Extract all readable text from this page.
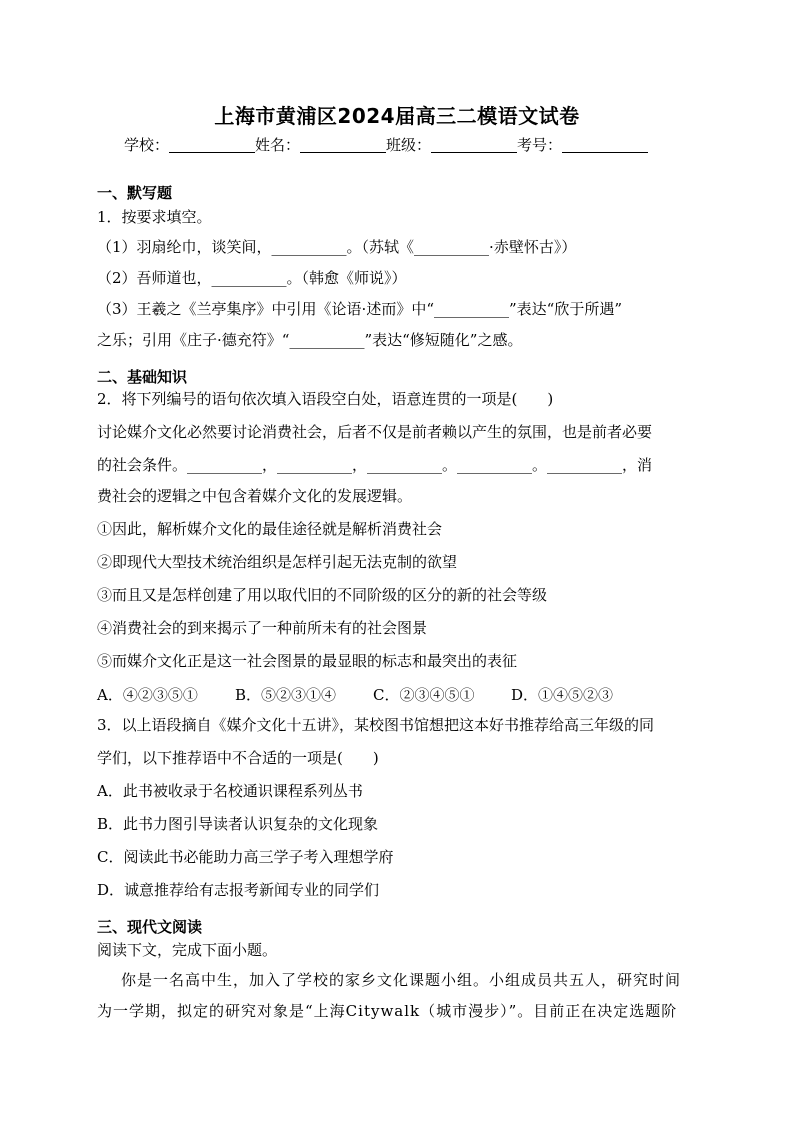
上海市黄浦区2024届高三二模语文试卷
学校：	姓名：	班级：	考号：
一、默写题
1．按要求填空。
（1）羽扇纶巾，谈笑间，__________。（苏轼《__________·赤壁怀古》）
（2）吾师道也，__________。（韩愈《师说》）
（3）王羲之《兰亭集序》中引用《论语·述而》中“__________”表达“欣于所遇”
之乐；引用《庄子·德充符》“__________”表达“修短随化”之感。
二、基础知识
2．将下列编号的语句依次填入语段空白处，语意连贯的一项是(　　)
讨论媒介文化必然要讨论消费社会，后者不仅是前者赖以产生的氛围，也是前者必要
的社会条件。__________，__________，__________。__________。__________，消
费社会的逻辑之中包含着媒介文化的发展逻辑。
①因此，解析媒介文化的最佳途径就是解析消费社会
②即现代大型技术统治组织是怎样引起无法克制的欲望
③而且又是怎样创建了用以取代旧的不同阶级的区分的新的社会等级
④消费社会的到来揭示了一种前所未有的社会图景
⑤而媒介文化正是这一社会图景的最显眼的标志和最突出的表征
A．④②③⑤① B．⑤②③①④ C．②③④⑤① D．①④⑤②③
3．以上语段摘自《媒介文化十五讲》，某校图书馆想把这本好书推荐给高三年级的同
学们，以下推荐语中不合适的一项是(　　)
A．此书被收录于名校通识课程系列丛书
B．此书力图引导读者认识复杂的文化现象
C．阅读此书必能助力高三学子考入理想学府
D．诚意推荐给有志报考新闻专业的同学们
三、现代文阅读
阅读下文，完成下面小题。
你是一名高中生，加入了学校的家乡文化课题小组。小组成员共五人，研究时间
为一学期，拟定的研究对象是“上海Citywalk（城市漫步）”。目前正在决定选题阶
